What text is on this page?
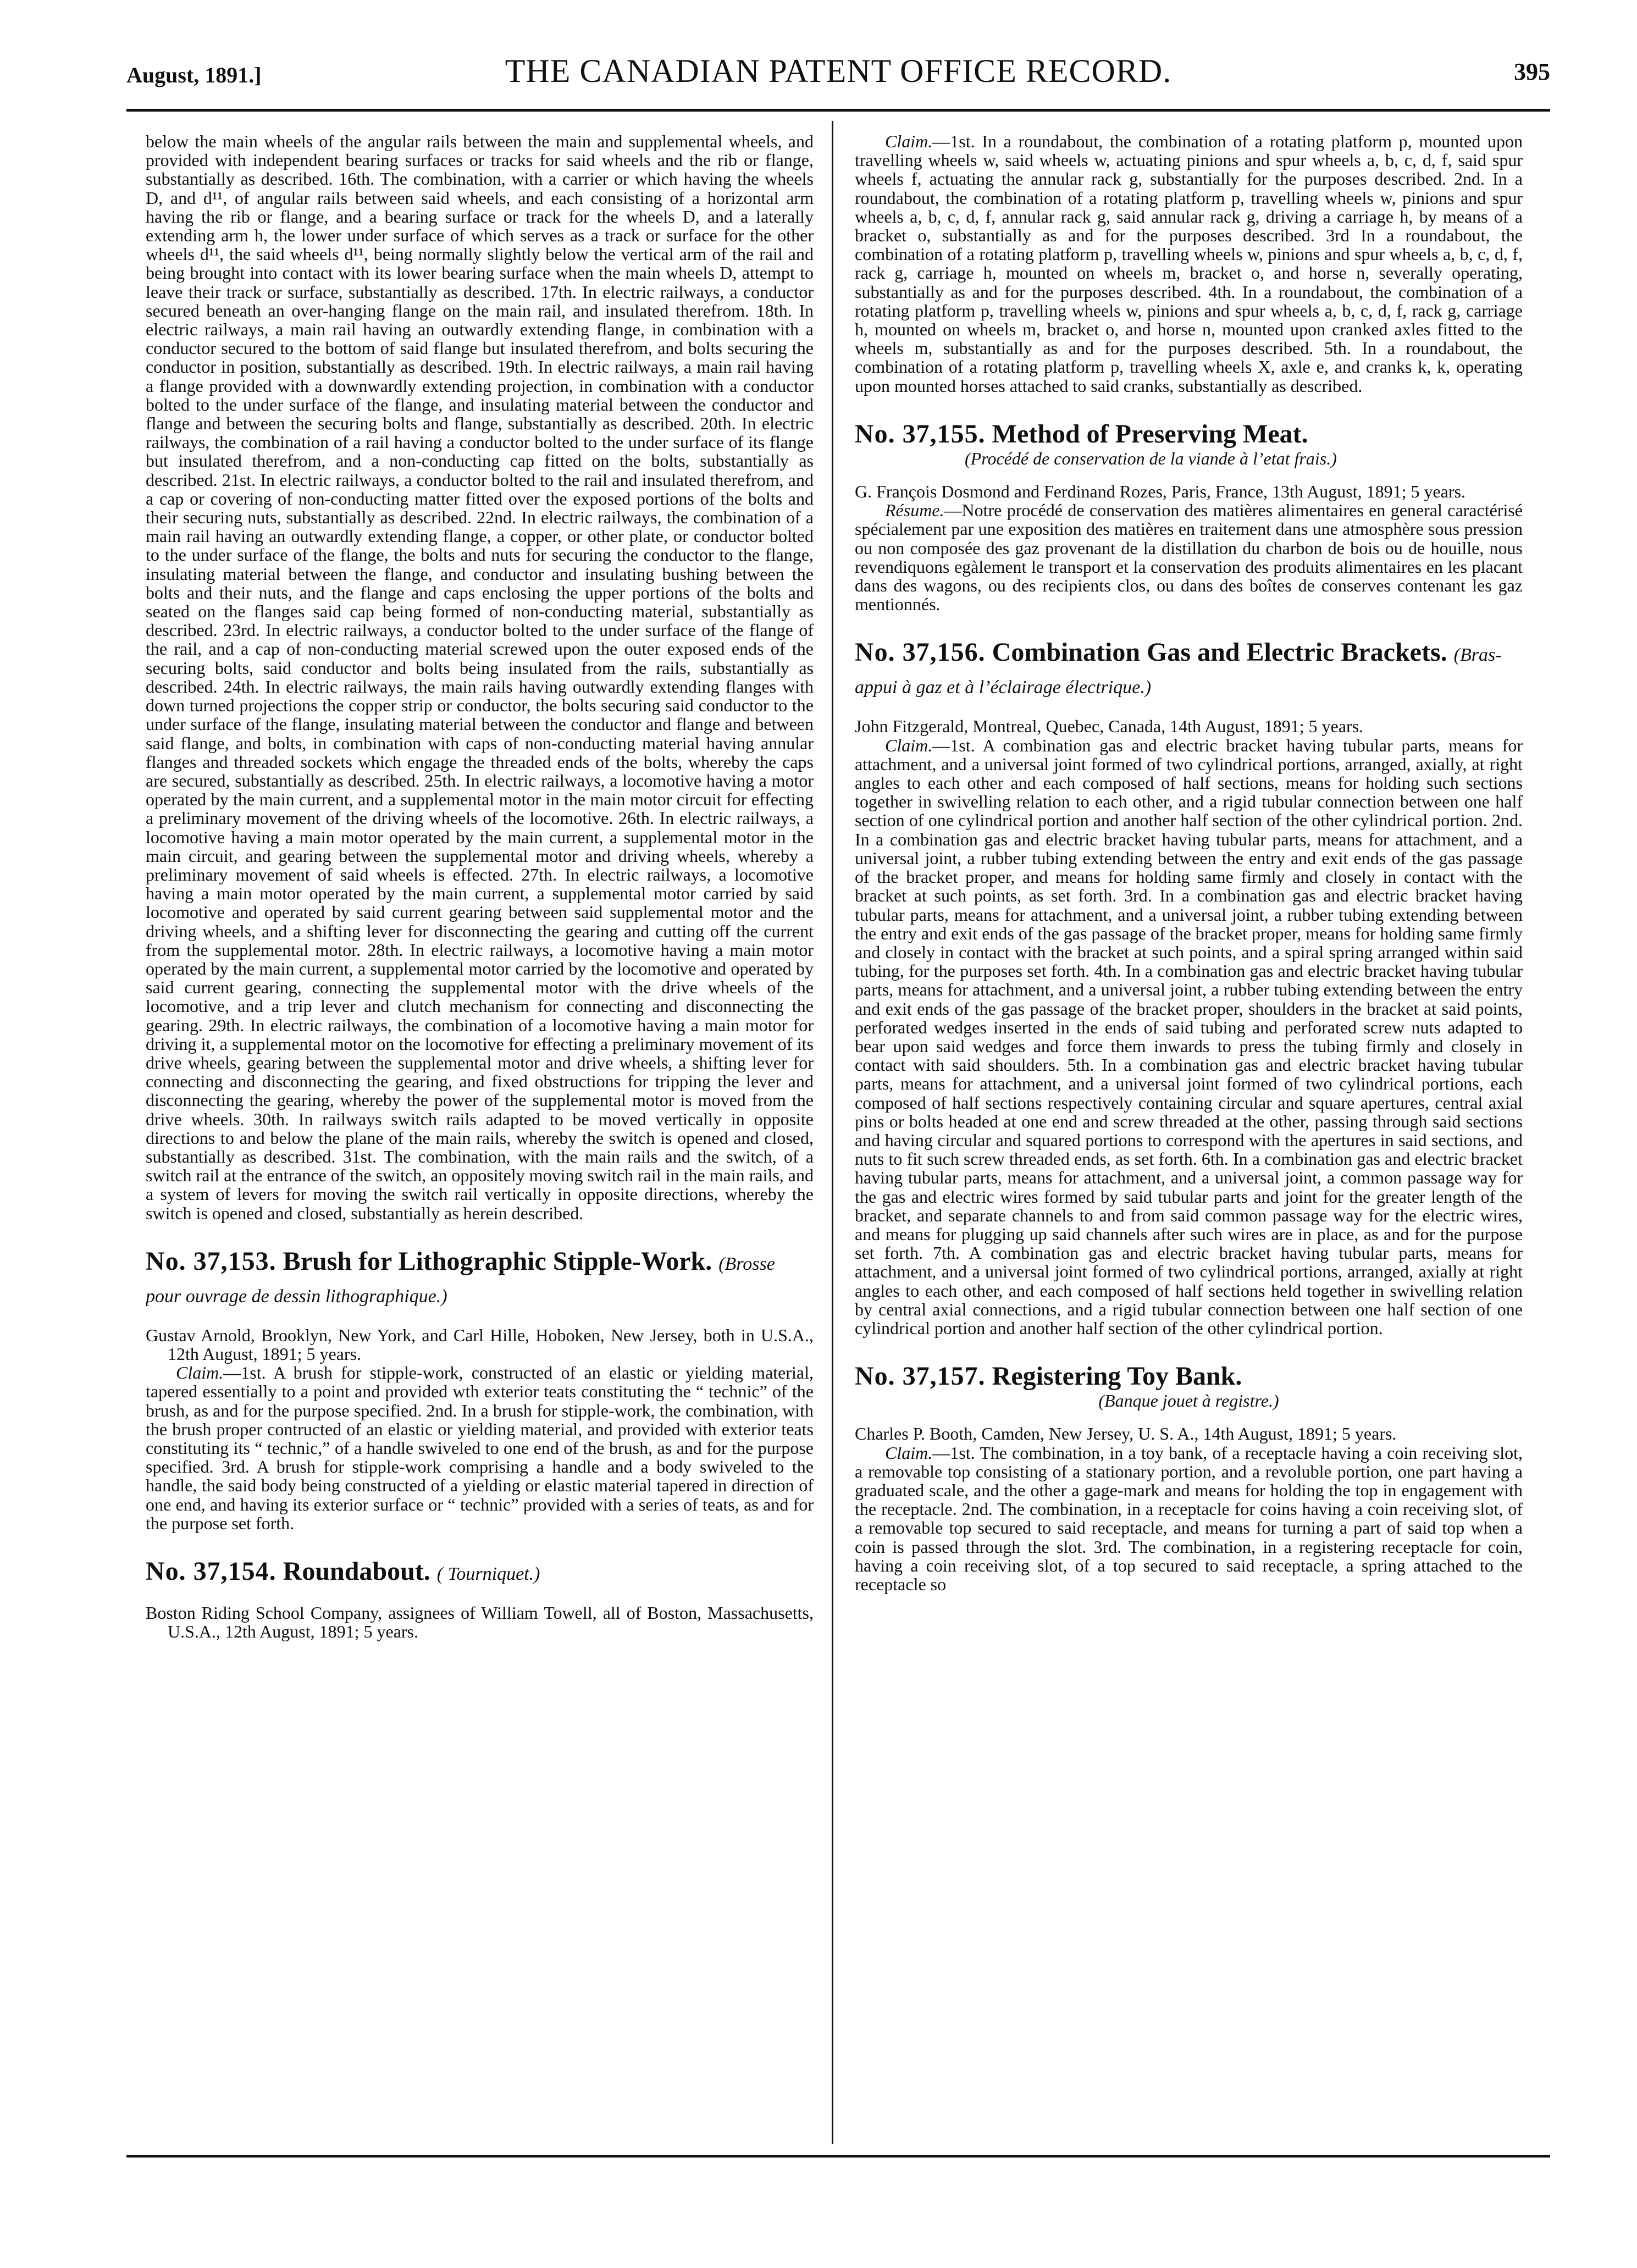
August, 1891.]	THE CANADIAN PATENT OFFICE RECORD.	395

below the main wheels of the angular rails between the main and supplemental wheels, and provided with independent bearing surfaces or tracks for said wheels and the rib or flange, substantially as described. 16th. The combination, with a carrier or which having the wheels D, and d¹¹, of angular rails between said wheels, and each consisting of a horizontal arm having the rib or flange, and a bearing surface or track for the wheels D, and a laterally extending arm h, the lower under surface of which serves as a track or surface for the other wheels d¹¹, the said wheels d¹¹, being normally slightly below the vertical arm of the rail and being brought into contact with its lower bearing surface when the main wheels D, attempt to leave their track or surface, substantially as described. 17th. In electric railways, a conductor secured beneath an over-hanging flange on the main rail, and insulated therefrom. 18th. In electric railways, a main rail having an outwardly extending flange, in combination with a conductor secured to the bottom of said flange but insulated therefrom, and bolts securing the conductor in position, substantially as described. 19th. In electric railways, a main rail having a flange provided with a downwardly extending projection, in combination with a conductor bolted to the under surface of the flange, and insulating material between the conductor and flange and between the securing bolts and flange, substantially as described. 20th. In electric railways, the combination of a rail having a conductor bolted to the under surface of its flange but insulated therefrom, and a non-conducting cap fitted on the bolts, substantially as described. 21st. In electric railways, a conductor bolted to the rail and insulated therefrom, and a cap or covering of non-conducting matter fitted over the exposed portions of the bolts and their securing nuts, substantially as described. 22nd. In electric railways, the combination of a main rail having an outwardly extending flange, a copper, or other plate, or conductor bolted to the under surface of the flange, the bolts and nuts for securing the conductor to the flange, insulating material between the flange, and conductor and insulating bushing between the bolts and their nuts, and the flange and caps enclosing the upper portions of the bolts and seated on the flanges said cap being formed of non-conducting material, substantially as described. 23rd. In electric railways, a conductor bolted to the under surface of the flange of the rail, and a cap of non-conducting material screwed upon the outer exposed ends of the securing bolts, said conductor and bolts being insulated from the rails, substantially as described. 24th. In electric railways, the main rails having outwardly extending flanges with down turned projections the copper strip or conductor, the bolts securing said conductor to the under surface of the flange, insulating material between the conductor and flange and between said flange, and bolts, in combination with caps of non-conducting material having annular flanges and threaded sockets which engage the threaded ends of the bolts, whereby the caps are secured, substantially as described. 25th. In electric railways, a locomotive having a motor operated by the main current, and a supplemental motor in the main motor circuit for effecting a preliminary movement of the driving wheels of the locomotive. 26th. In electric railways, a locomotive having a main motor operated by the main current, a supplemental motor in the main circuit, and gearing between the supplemental motor and driving wheels, whereby a preliminary movement of said wheels is effected. 27th. In electric railways, a locomotive having a main motor operated by the main current, a supplemental motor carried by said locomotive and operated by said current gearing between said supplemental motor and the driving wheels, and a shifting lever for disconnecting the gearing and cutting off the current from the supplemental motor. 28th. In electric railways, a locomotive having a main motor operated by the main current, a supplemental motor carried by the locomotive and operated by said current gearing, connecting the supplemental motor with the drive wheels of the locomotive, and a trip lever and clutch mechanism for connecting and disconnecting the gearing. 29th. In electric railways, the combination of a locomotive having a main motor for driving it, a supplemental motor on the locomotive for effecting a preliminary movement of its drive wheels, gearing between the supplemental motor and drive wheels, a shifting lever for connecting and disconnecting the gearing, and fixed obstructions for tripping the lever and disconnecting the gearing, whereby the power of the supplemental motor is moved from the drive wheels. 30th. In railways switch rails adapted to be moved vertically in opposite directions to and below the plane of the main rails, whereby the switch is opened and closed, substantially as described. 31st. The combination, with the main rails and the switch, of a switch rail at the entrance of the switch, an oppositely moving switch rail in the main rails, and a system of levers for moving the switch rail vertically in opposite directions, whereby the switch is opened and closed, substantially as herein described.

No. 37,153. Brush for Lithographic Stipple-Work. (Brosse pour ouvrage de dessin lithographique.)

Gustav Arnold, Brooklyn, New York, and Carl Hille, Hoboken, New Jersey, both in U.S.A., 12th August, 1891; 5 years.

Claim.—1st. A brush for stipple-work, constructed of an elastic or yielding material, tapered essentially to a point and provided wth exterior teats constituting the “ technic” of the brush, as and for the purpose specified. 2nd. In a brush for stipple-work, the combination, with the brush proper contructed of an elastic or yielding material, and provided with exterior teats constituting its “ technic,” of a handle swiveled to one end of the brush, as and for the purpose specified. 3rd. A brush for stipple-work comprising a handle and a body swiveled to the handle, the said body being constructed of a yielding or elastic material tapered in direction of one end, and having its exterior surface or “ technic” provided with a series of teats, as and for the purpose set forth.

No. 37,154. Roundabout. ( Tourniquet.)

Boston Riding School Company, assignees of William Towell, all of Boston, Massachusetts, U.S.A., 12th August, 1891; 5 years.

Claim.—1st. In a roundabout, the combination of a rotating platform p, mounted upon travelling wheels w, said wheels w, actuating pinions and spur wheels a, b, c, d, f, said spur wheels f, actuating the annular rack g, substantially for the purposes described. 2nd. In a roundabout, the combination of a rotating platform p, travelling wheels w, pinions and spur wheels a, b, c, d, f, annular rack g, said annular rack g, driving a carriage h, by means of a bracket o, substantially as and for the purposes described. 3rd In a roundabout, the combination of a rotating platform p, travelling wheels w, pinions and spur wheels a, b, c, d, f, rack g, carriage h, mounted on wheels m, bracket o, and horse n, severally operating, substantially as and for the purposes described. 4th. In a roundabout, the combination of a rotating platform p, travelling wheels w, pinions and spur wheels a, b, c, d, f, rack g, carriage h, mounted on wheels m, bracket o, and horse n, mounted upon cranked axles fitted to the wheels m, substantially as and for the purposes described. 5th. In a roundabout, the combination of a rotating platform p, travelling wheels X, axle e, and cranks k, k, operating upon mounted horses attached to said cranks, substantially as described.

No. 37,155. Method of Preserving Meat.

(Procédé de conservation de la viande à l’etat frais.)

G. François Dosmond and Ferdinand Rozes, Paris, France, 13th August, 1891; 5 years.

Résume.—Notre procédé de conservation des matières alimentaires en general caractérisé spécialement par une exposition des matières en traitement dans une atmosphère sous pression ou non composée des gaz provenant de la distillation du charbon de bois ou de houille, nous revendiquons egàlement le transport et la conservation des produits alimentaires en les placant dans des wagons, ou des recipients clos, ou dans des boîtes de conserves contenant les gaz mentionnés.

No. 37,156. Combination Gas and Electric Brackets. (Bras-appui à gaz et à l’éclairage électrique.)

John Fitzgerald, Montreal, Quebec, Canada, 14th August, 1891; 5 years.

Claim.—1st. A combination gas and electric bracket having tubular parts, means for attachment, and a universal joint formed of two cylindrical portions, arranged, axially, at right angles to each other and each composed of half sections, means for holding such sections together in swivelling relation to each other, and a rigid tubular connection between one half section of one cylindrical portion and another half section of the other cylindrical portion. 2nd. In a combination gas and electric bracket having tubular parts, means for attachment, and a universal joint, a rubber tubing extending between the entry and exit ends of the gas passage of the bracket proper, and means for holding same firmly and closely in contact with the bracket at such points, as set forth. 3rd. In a combination gas and electric bracket having tubular parts, means for attachment, and a universal joint, a rubber tubing extending between the entry and exit ends of the gas passage of the bracket proper, means for holding same firmly and closely in contact with the bracket at such points, and a spiral spring arranged within said tubing, for the purposes set forth. 4th. In a combination gas and electric bracket having tubular parts, means for attachment, and a universal joint, a rubber tubing extending between the entry and exit ends of the gas passage of the bracket proper, shoulders in the bracket at said points, perforated wedges inserted in the ends of said tubing and perforated screw nuts adapted to bear upon said wedges and force them inwards to press the tubing firmly and closely in contact with said shoulders. 5th. In a combination gas and electric bracket having tubular parts, means for attachment, and a universal joint formed of two cylindrical portions, each composed of half sections respectively containing circular and square apertures, central axial pins or bolts headed at one end and screw threaded at the other, passing through said sections and having circular and squared portions to correspond with the apertures in said sections, and nuts to fit such screw threaded ends, as set forth. 6th. In a combination gas and electric bracket having tubular parts, means for attachment, and a universal joint, a common passage way for the gas and electric wires formed by said tubular parts and joint for the greater length of the bracket, and separate channels to and from said common passage way for the electric wires, and means for plugging up said channels after such wires are in place, as and for the purpose set forth. 7th. A combination gas and electric bracket having tubular parts, means for attachment, and a universal joint formed of two cylindrical portions, arranged, axially at right angles to each other, and each composed of half sections held together in swivelling relation by central axial connections, and a rigid tubular connection between one half section of one cylindrical portion and another half section of the other cylindrical portion.

No. 37,157. Registering Toy Bank.

(Banque jouet à registre.)

Charles P. Booth, Camden, New Jersey, U. S. A., 14th August, 1891; 5 years.

Claim.—1st. The combination, in a toy bank, of a receptacle having a coin receiving slot, a removable top consisting of a stationary portion, and a revoluble portion, one part having a graduated scale, and the other a gage-mark and means for holding the top in engagement with the receptacle. 2nd. The combination, in a receptacle for coins having a coin receiving slot, of a removable top secured to said receptacle, and means for turning a part of said top when a coin is passed through the slot. 3rd. The combination, in a registering receptacle for coin, having a coin receiving slot, of a top secured to said receptacle, a spring attached to the receptacle so
